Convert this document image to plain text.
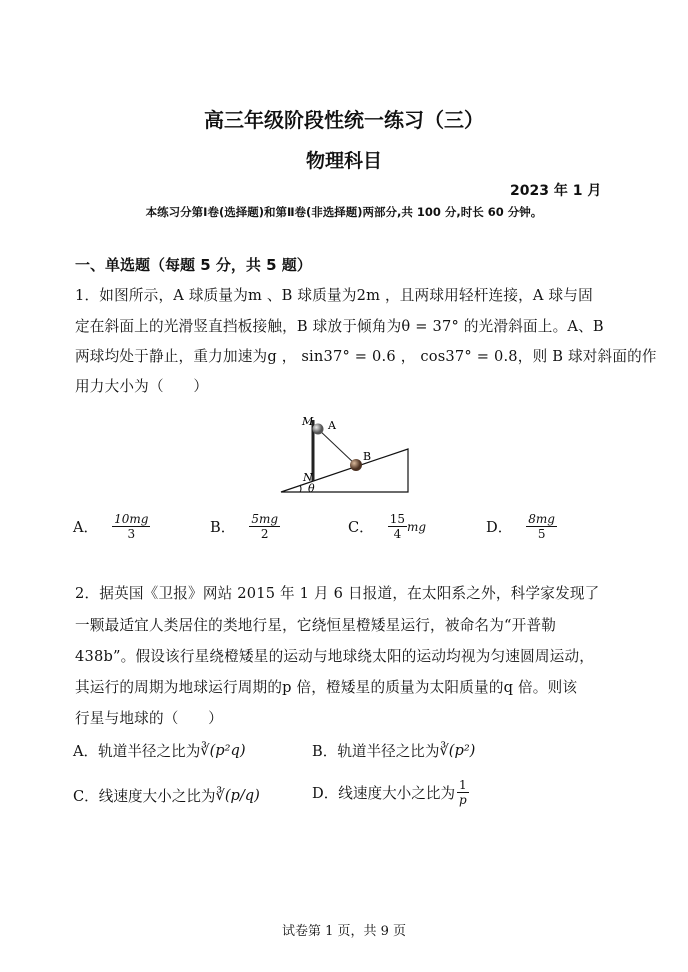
高三年级阶段性统一练习（三）
物理科目
2023 年 1 月
本练习分第Ⅰ卷(选择题)和第Ⅱ卷(非选择题)两部分,共 100 分,时长 60 分钟。
一、单选题（每题 5 分，共 5 题）
1．如图所示，A 球质量为m 、B 球质量为2m ，且两球用轻杆连接，A 球与固
定在斜面上的光滑竖直挡板接触，B 球放于倾角为θ = 37° 的光滑斜面上。A、B
两球均处于静止，重力加速为g ， sin37° = 0.6 ， cos37° = 0.8，则 B 球对斜面的作
用力大小为（　　）
M A
B
N
θ
A． $\frac{10mg}{3}$	B． $\frac{5mg}{2}$	C． $\frac{15}{4}$ mg	D． $\frac{8mg}{5}$
2．据英国《卫报》网站 2015 年 1 月 6 日报道，在太阳系之外，科学家发现了
一颗最适宜人类居住的类地行星，它绕恒星橙矮星运行，被命名为“开普勒
438b”。假设该行星绕橙矮星的运动与地球绕太阳的运动均视为匀速圆周运动，
其运行的周期为地球运行周期的p 倍，橙矮星的质量为太阳质量的q 倍。则该
行星与地球的（　　）
A．轨道半径之比为 ∛(p²q)	B．轨道半径之比为 ∛(p²)
C．线速度大小之比为 ∛(p/q)	D．线速度大小之比为 $\frac{1}{p}$
试卷第 1 页，共 9 页
